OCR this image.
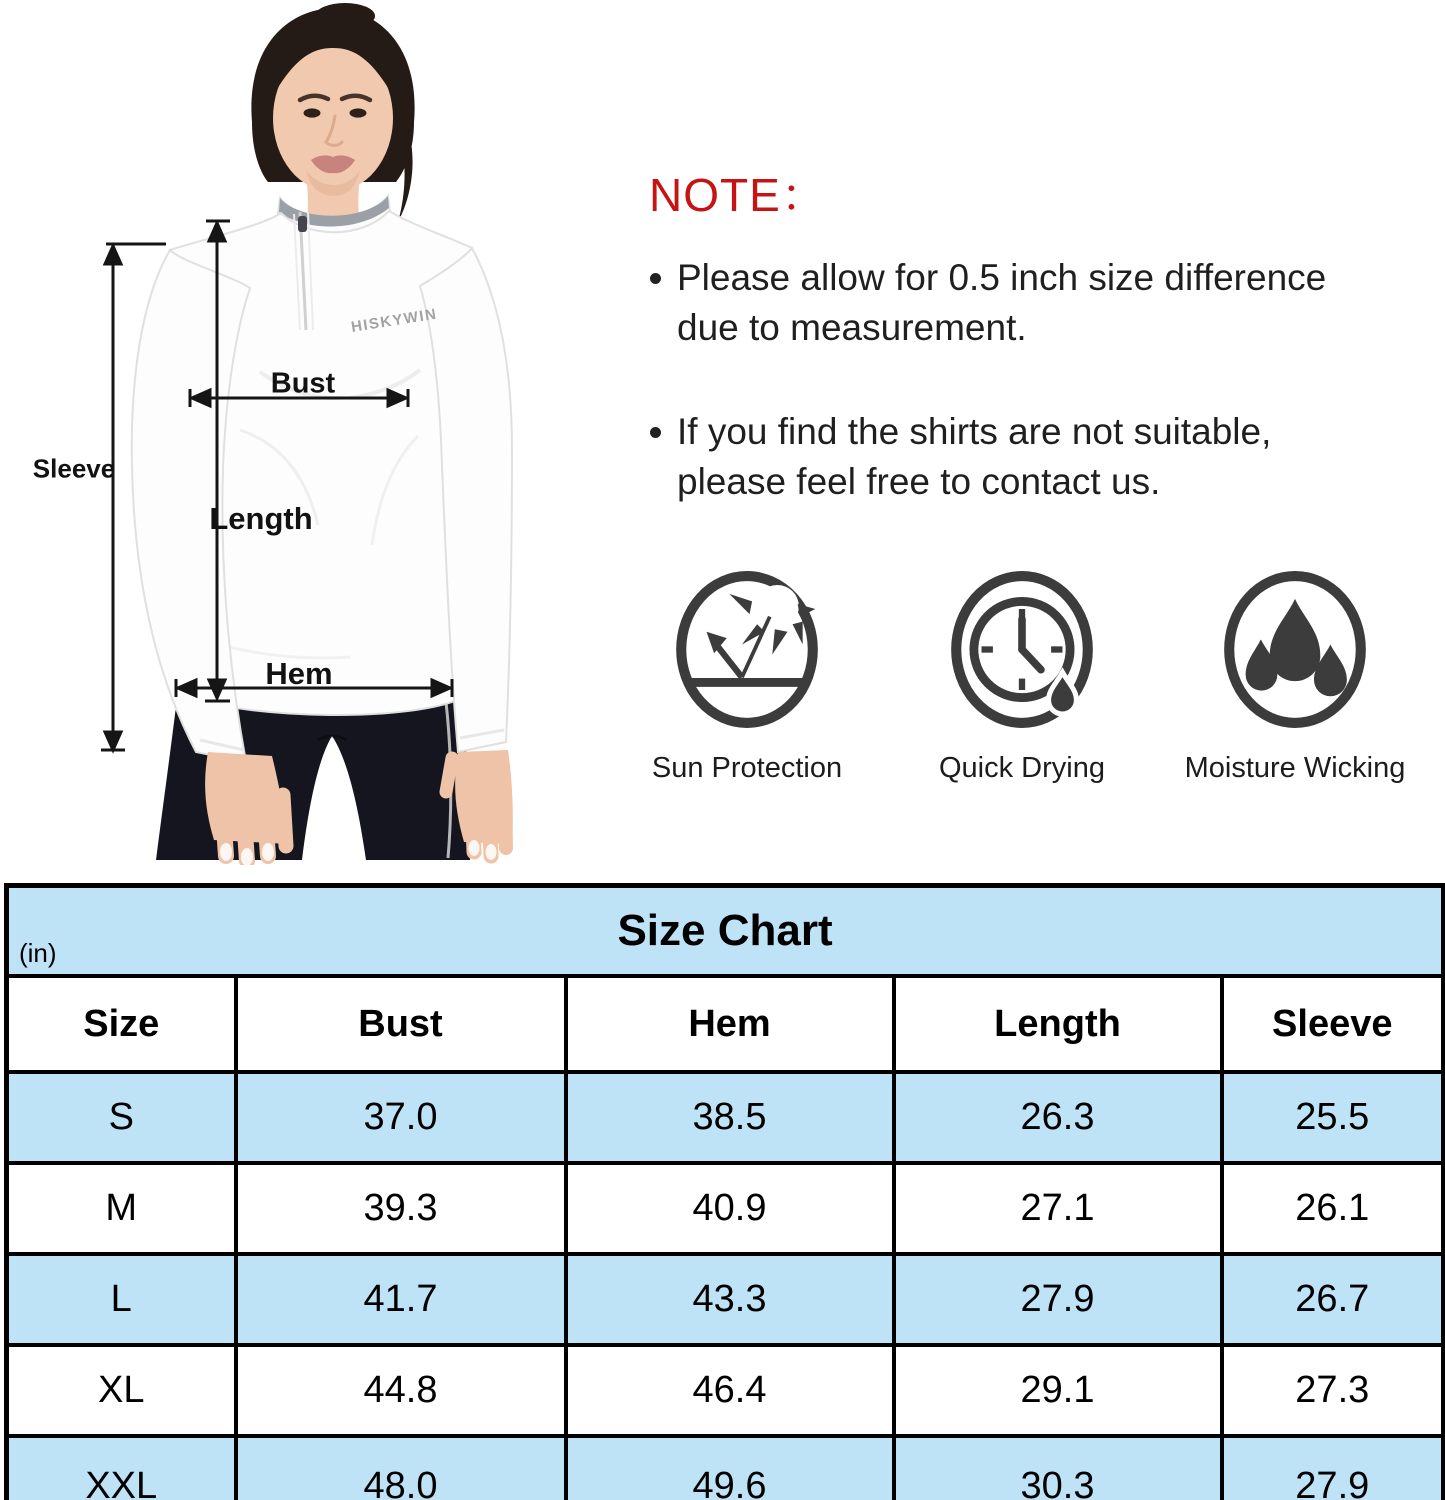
HISKYWIN
Bust
Length
Hem
Sleeve
NOTE：
Please allow for 0.5 inch size difference
due to measurement.
If you find the shirts are not suitable,
please feel free to contact us.
Sun Protection	Quick Drying	Moisture Wicking
Size Chart
(in)				

Size	Bust	Hem	Length	Sleeve
S	37.0	38.5	26.3	25.5
M	39.3	40.9	27.1	26.1
L	41.7	43.3	27.9	26.7
XL	44.8	46.4	29.1	27.3
XXL	48.0	49.6	30.3	27.9
